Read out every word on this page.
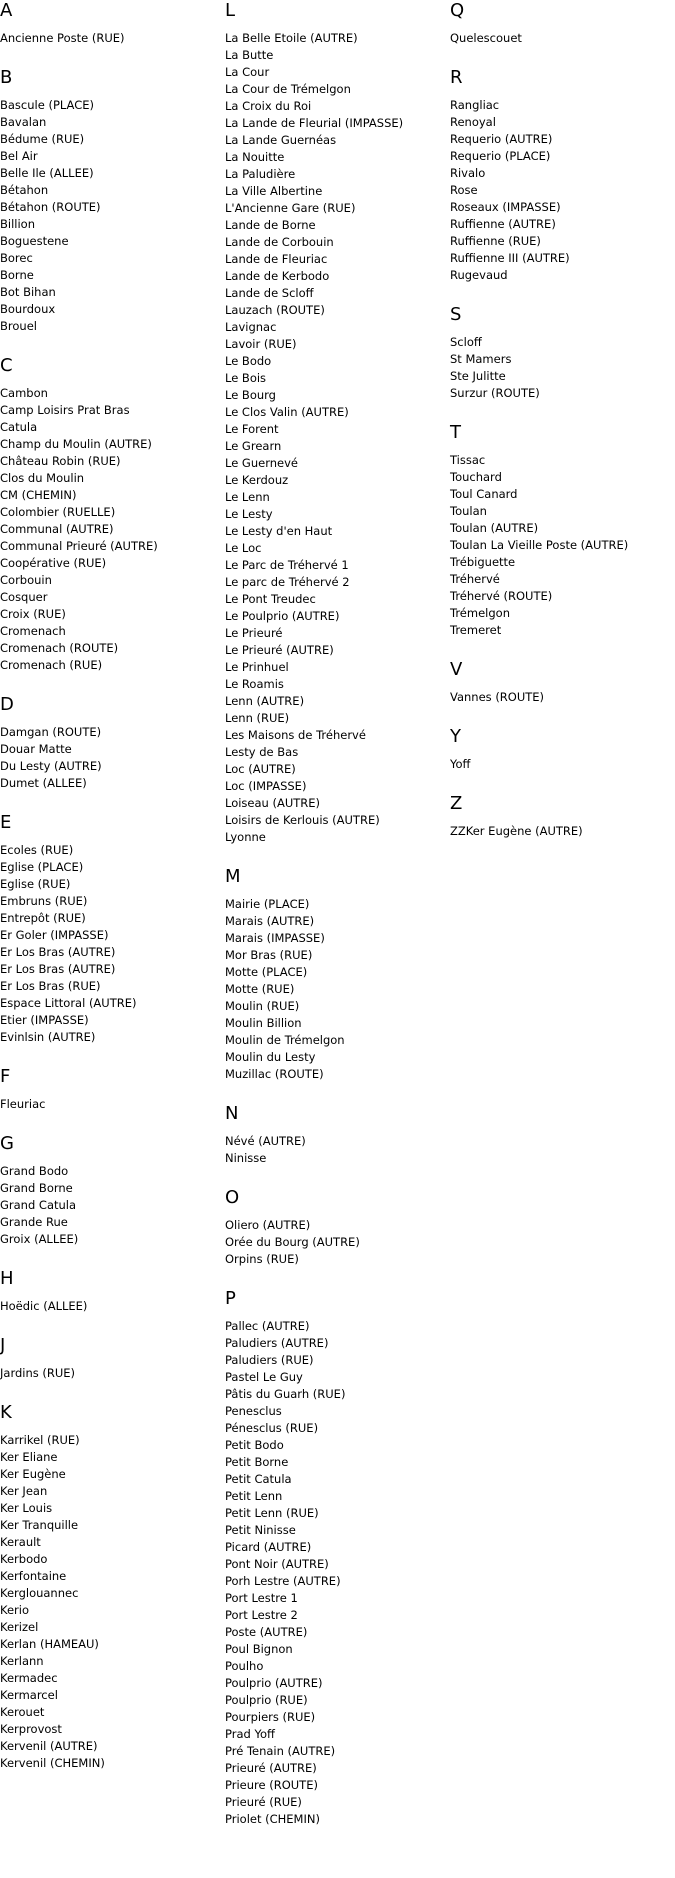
A
Ancienne Poste (RUE)
B
Bascule (PLACE)
Bavalan
Bédume (RUE)
Bel Air
Belle Ile (ALLEE)
Bétahon
Bétahon (ROUTE)
Billion
Boguestene
Borec
Borne
Bot Bihan
Bourdoux
Brouel
C
Cambon
Camp Loisirs Prat Bras
Catula
Champ du Moulin (AUTRE)
Château Robin (RUE)
Clos du Moulin
CM (CHEMIN)
Colombier (RUELLE)
Communal (AUTRE)
Communal Prieuré (AUTRE)
Coopérative (RUE)
Corbouin
Cosquer
Croix (RUE)
Cromenach
Cromenach (ROUTE)
Cromenach (RUE)
D
Damgan (ROUTE)
Douar Matte
Du Lesty (AUTRE)
Dumet (ALLEE)
E
Ecoles (RUE)
Eglise (PLACE)
Eglise (RUE)
Embruns (RUE)
Entrepôt (RUE)
Er Goler (IMPASSE)
Er Los Bras (AUTRE)
Er Los Bras (AUTRE)
Er Los Bras (RUE)
Espace Littoral (AUTRE)
Etier (IMPASSE)
Evinlsin (AUTRE)
F
Fleuriac
G
Grand Bodo
Grand Borne
Grand Catula
Grande Rue
Groix (ALLEE)
H
Hoëdic (ALLEE)
J
Jardins (RUE)
K
Karrikel (RUE)
Ker Eliane
Ker Eugène
Ker Jean
Ker Louis
Ker Tranquille
Kerault
Kerbodo
Kerfontaine
Kerglouannec
Kerio
Kerizel
Kerlan (HAMEAU)
Kerlann
Kermadec
Kermarcel
Kerouet
Kerprovost
Kervenil (AUTRE)
Kervenil (CHEMIN)
L
La Belle Etoile (AUTRE)
La Butte
La Cour
La Cour de Trémelgon
La Croix du Roi
La Lande de Fleurial (IMPASSE)
La Lande Guernéas
La Nouitte
La Paludière
La Ville Albertine
L'Ancienne Gare (RUE)
Lande de Borne
Lande de Corbouin
Lande de Fleuriac
Lande de Kerbodo
Lande de Scloff
Lauzach (ROUTE)
Lavignac
Lavoir (RUE)
Le Bodo
Le Bois
Le Bourg
Le Clos Valin (AUTRE)
Le Forent
Le Grearn
Le Guernevé
Le Kerdouz
Le Lenn
Le Lesty
Le Lesty d'en Haut
Le Loc
Le Parc de Tréhervé 1
Le parc de Tréhervé 2
Le Pont Treudec
Le Poulprio (AUTRE)
Le Prieuré
Le Prieuré (AUTRE)
Le Prinhuel
Le Roamis
Lenn (AUTRE)
Lenn (RUE)
Les Maisons de Tréhervé
Lesty de Bas
Loc (AUTRE)
Loc (IMPASSE)
Loiseau (AUTRE)
Loisirs de Kerlouis (AUTRE)
Lyonne
M
Mairie (PLACE)
Marais (AUTRE)
Marais (IMPASSE)
Mor Bras (RUE)
Motte (PLACE)
Motte (RUE)
Moulin (RUE)
Moulin Billion
Moulin de Trémelgon
Moulin du Lesty
Muzillac (ROUTE)
N
Névé (AUTRE)
Ninisse
O
Oliero (AUTRE)
Orée du Bourg (AUTRE)
Orpins (RUE)
P
Pallec (AUTRE)
Paludiers (AUTRE)
Paludiers (RUE)
Pastel Le Guy
Pâtis du Guarh (RUE)
Penesclus
Pénesclus (RUE)
Petit Bodo
Petit Borne
Petit Catula
Petit Lenn
Petit Lenn (RUE)
Petit Ninisse
Picard (AUTRE)
Pont Noir (AUTRE)
Porh Lestre (AUTRE)
Port Lestre 1
Port Lestre 2
Poste (AUTRE)
Poul Bignon
Poulho
Poulprio (AUTRE)
Poulprio (RUE)
Pourpiers (RUE)
Prad Yoff
Pré Tenain (AUTRE)
Prieuré (AUTRE)
Prieure (ROUTE)
Prieuré (RUE)
Priolet (CHEMIN)
Q
Quelescouet
R
Rangliac
Renoyal
Requerio (AUTRE)
Requerio (PLACE)
Rivalo
Rose
Roseaux (IMPASSE)
Ruffienne (AUTRE)
Ruffienne (RUE)
Ruffienne III (AUTRE)
Rugevaud
S
Scloff
St Mamers
Ste Julitte
Surzur (ROUTE)
T
Tissac
Touchard
Toul Canard
Toulan
Toulan (AUTRE)
Toulan La Vieille Poste (AUTRE)
Trébiguette
Tréhervé
Tréhervé (ROUTE)
Trémelgon
Tremeret
V
Vannes (ROUTE)
Y
Yoff
Z
ZZKer Eugène (AUTRE)
